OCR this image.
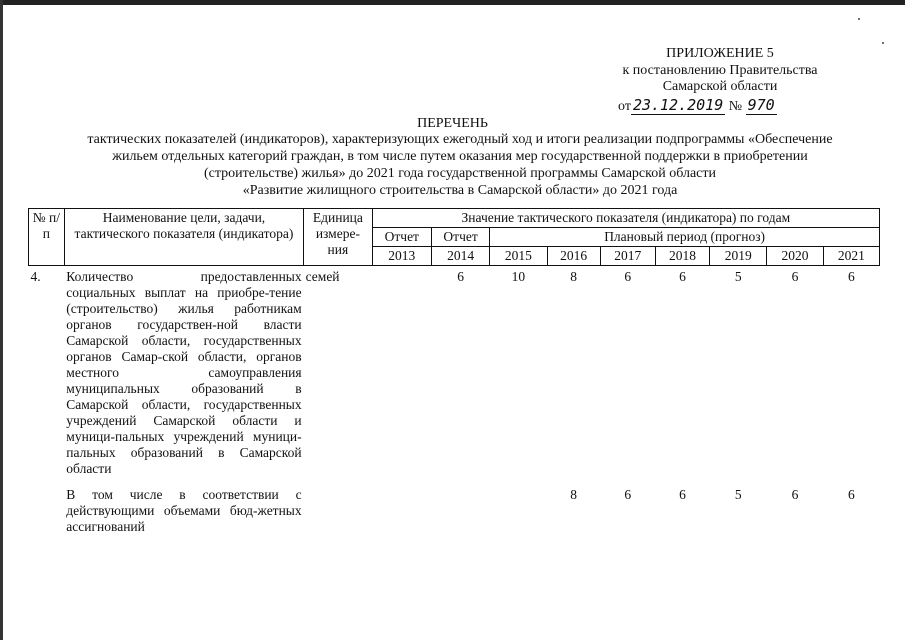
ПРИЛОЖЕНИЕ 5
к постановлению Правительства
Самарской области
от 23.12.2019 № 970
ПЕРЕЧЕНЬ
тактических показателей (индикаторов), характеризующих ежегодный ход и итоги реализации подпрограммы «Обеспечение
жильем отдельных категорий граждан, в том числе путем оказания мер государственной поддержки в приобретении
(строительстве) жилья» до 2021 года государственной программы Самарской области
«Развитие жилищного строительства в Самарской области» до 2021 года
№ п/п	Наименование цели, задачи, тактического показателя (индикатора)	Единица измере- ния	Значение тактического показателя (индикатора) по годам								
			Отчет	Отчет	Плановый период (прогноз)						
			2013	2014	2015	2016	2017	2018	2019	2020	2021
4.	Количество предоставленных социальных выплат на приобре-тение (строительство) жилья работникам органов государствен-ной власти Самарской области, государственных органов Самар-ской области, органов местного самоуправления муниципальных образований в Самарской области, государственных учреждений Самарской области и муници-пальных учреждений муници-пальных образований в Самарской области	семей		6	10	8	6	6	5	6	6
	В том числе в соответствии с действующими объемами бюд-жетных ассигнований					8	6	6	5	6	6
